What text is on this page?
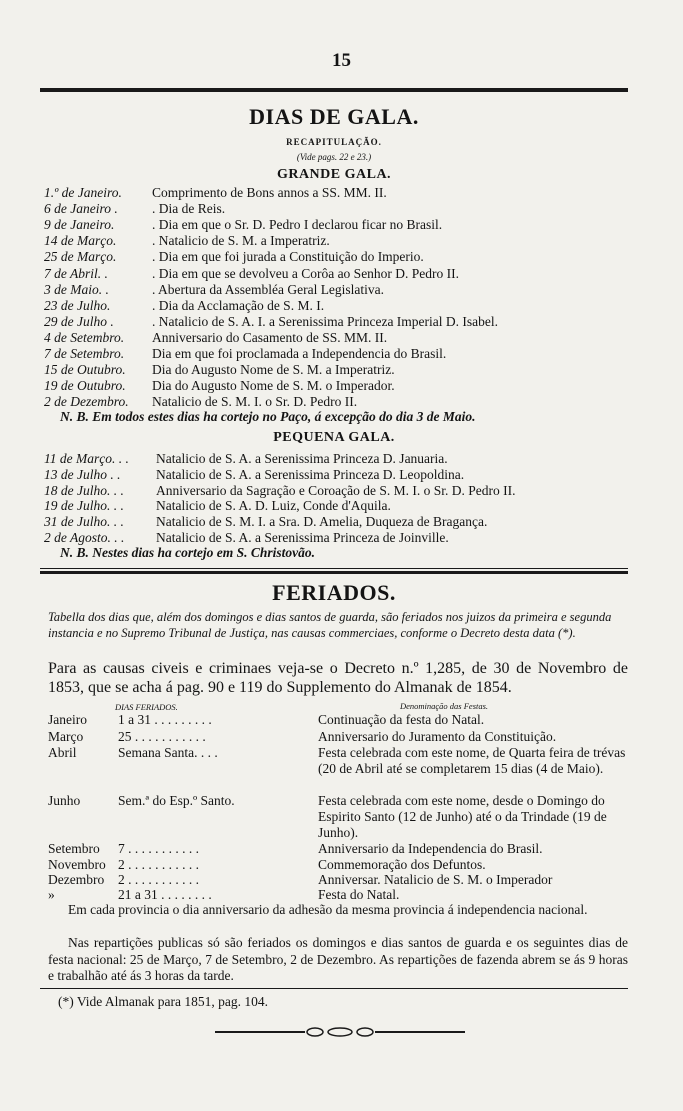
15
DIAS DE GALA.
RECAPITULAÇÃO.
(Vide pags. 22 e 23.)
GRANDE GALA.
1.º de Janeiro. Comprimento de Bons annos a SS. MM. II.
6 de Janeiro .	. Dia de Reis.
9 de Janeiro.	. Dia em que o Sr. D. Pedro I declarou ficar no Brasil.
14 de Março.	. Natalicio de S. M. a Imperatriz.
25 de Março.	. Dia em que foi jurada a Constituição do Imperio.
7 de Abril. .	. Dia em que se devolveu a Corôa ao Senhor D. Pedro II.
3 de Maio. .	. Abertura da Assembléa Geral Legislativa.
23 de Julho.	. Dia da Acclamação de S. M. I.
29 de Julho .	. Natalicio de S. A. I. a Serenissima Princeza Imperial D. Isabel.
4 de Setembro. Anniversario do Casamento de SS. MM. II.
7 de Setembro. Dia em que foi proclamada a Independencia do Brasil.
15 de Outubro. Dia do Augusto Nome de S. M. a Imperatriz.
19 de Outubro. Dia do Augusto Nome de S. M. o Imperador.
2 de Dezembro. Natalicio de S. M. I. o Sr. D. Pedro II.
N. B. Em todos estes dias ha cortejo no Paço, á excepção do dia 3 de Maio.
PEQUENA GALA.
11 de Março. . . Natalicio de S. A. a Serenissima Princeza D. Januaria.
13 de Julho . .	Natalicio de S. A. a Serenissima Princeza D. Leopoldina.
18 de Julho. . . Anniversario da Sagração e Coroação de S. M. I. o Sr. D. Pedro II.
19 de Julho. . . Natalicio de S. A. D. Luiz, Conde d'Aquila.
31 de Julho. . . Natalicio de S. M. I. a Sra. D. Amelia, Duqueza de Bragança.
2 de Agosto. . . Natalicio de S. A. a Serenissima Princeza de Joinville.
N. B. Nestes dias ha cortejo em S. Christovão.
FERIADOS.
Tabella dos dias que, além dos domingos e dias santos de guarda, são feriados nos juizos da primeira e segunda instancia e no Supremo Tribunal de Justiça, nas causas commerciaes, conforme o Decreto desta data (*).
Para as causas civeis e criminaes veja-se o Decreto n.º 1,285, de 30 de Novembro de 1853, que se acha á pag. 90 e 119 do Supplemento do Almanak de 1854.
DIAS FERIADOS.	Denominação das Festas.
Janeiro	1 a 31 . . . . . . . . .	Continuação da festa do Natal.
Março	25 . . . . . . . . . . .	Anniversario do Juramento da Constituição.
Abril	Semana Santa. . . .	Festa celebrada com este nome, de Quarta feira de trévas (20 de Abril até se completarem 15 dias (4 de Maio).
Junho	Sem.ª do Esp.º Santo.	Festa celebrada com este nome, desde o Domingo do Espirito Santo (12 de Junho) até o da Trindade (19 de Junho).
Setembro	7 . . . . . . . . . . .	Anniversario da Independencia do Brasil.
Novembro 2 . . . . . . . . . . .	Commemoração dos Defuntos.
Dezembro	2 . . . . . . . . . . .	Anniversar. Natalicio de S. M. o Imperador
»	21 a 31 . . . . . . . .	Festa do Natal.
Em cada provincia o dia anniversario da adhesão da mesma provincia á independencia nacional.
Nas repartições publicas só são feriados os domingos e dias santos de guarda e os seguintes dias de festa nacional: 25 de Março, 7 de Setembro, 2 de Dezembro. As repartições de fazenda abrem se ás 9 horas e trabalhão até ás 3 horas da tarde.
(*) Vide Almanak para 1851, pag. 104.
